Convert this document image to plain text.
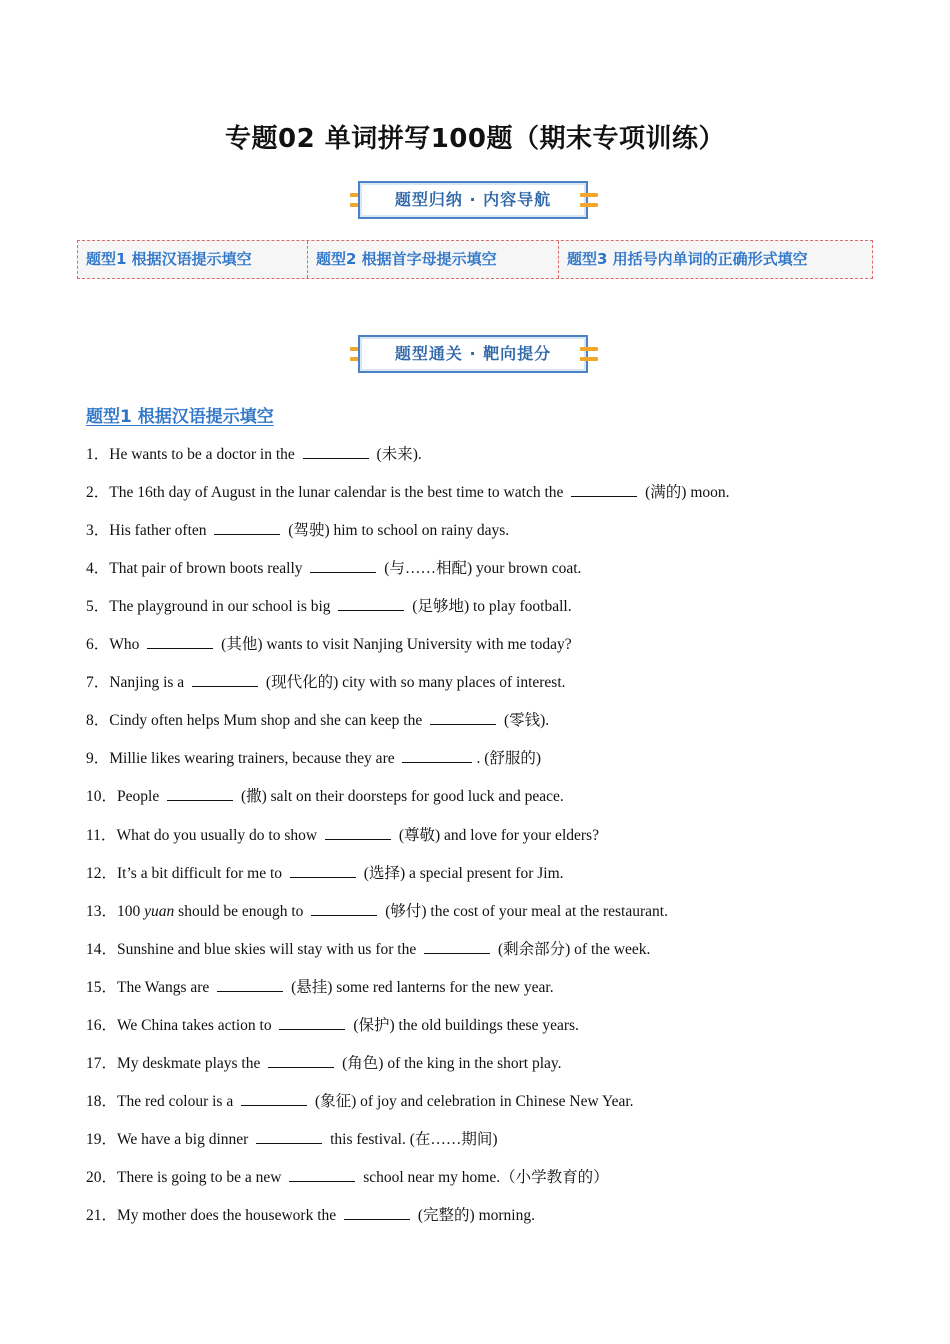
专题02 单词拼写100题（期末专项训练）
题型归纳 · 内容导航
题型1 根据汉语提示填空	题型2 根据首字母提示填空	题型3 用括号内单词的正确形式填空
题型通关 · 靶向提分
题型1 根据汉语提示填空
1．He wants to be a doctor in the	(未来).
2．The 16th day of August in the lunar calendar is the best time to watch the	(满的) moon.
3．His father often	(驾驶) him to school on rainy days.
4．That pair of brown boots really	(与……相配) your brown coat.
5．The playground in our school is big	(足够地) to play football.
6．Who	(其他) wants to visit Nanjing University with me today?
7．Nanjing is a	(现代化的) city with so many places of interest.
8．Cindy often helps Mum shop and she can keep the	(零钱).
9．Millie likes wearing trainers, because they are	. (舒服的)
10．People	(撒) salt on their doorsteps for good luck and peace.
11．What do you usually do to show	(尊敬) and love for your elders?
12．It’s a bit difficult for me to	(选择) a special present for Jim.
13．100 yuan should be enough to	(够付) the cost of your meal at the restaurant.
14．Sunshine and blue skies will stay with us for the	(剩余部分) of the week.
15．The Wangs are	(悬挂) some red lanterns for the new year.
16．We China takes action to	(保护) the old buildings these years.
17．My deskmate plays the	(角色) of the king in the short play.
18．The red colour is a	(象征) of joy and celebration in Chinese New Year.
19．We have a big dinner	this festival. (在……期间)
20．There is going to be a new	school near my home.（小学教育的）
21．My mother does the housework the	(完整的) morning.
